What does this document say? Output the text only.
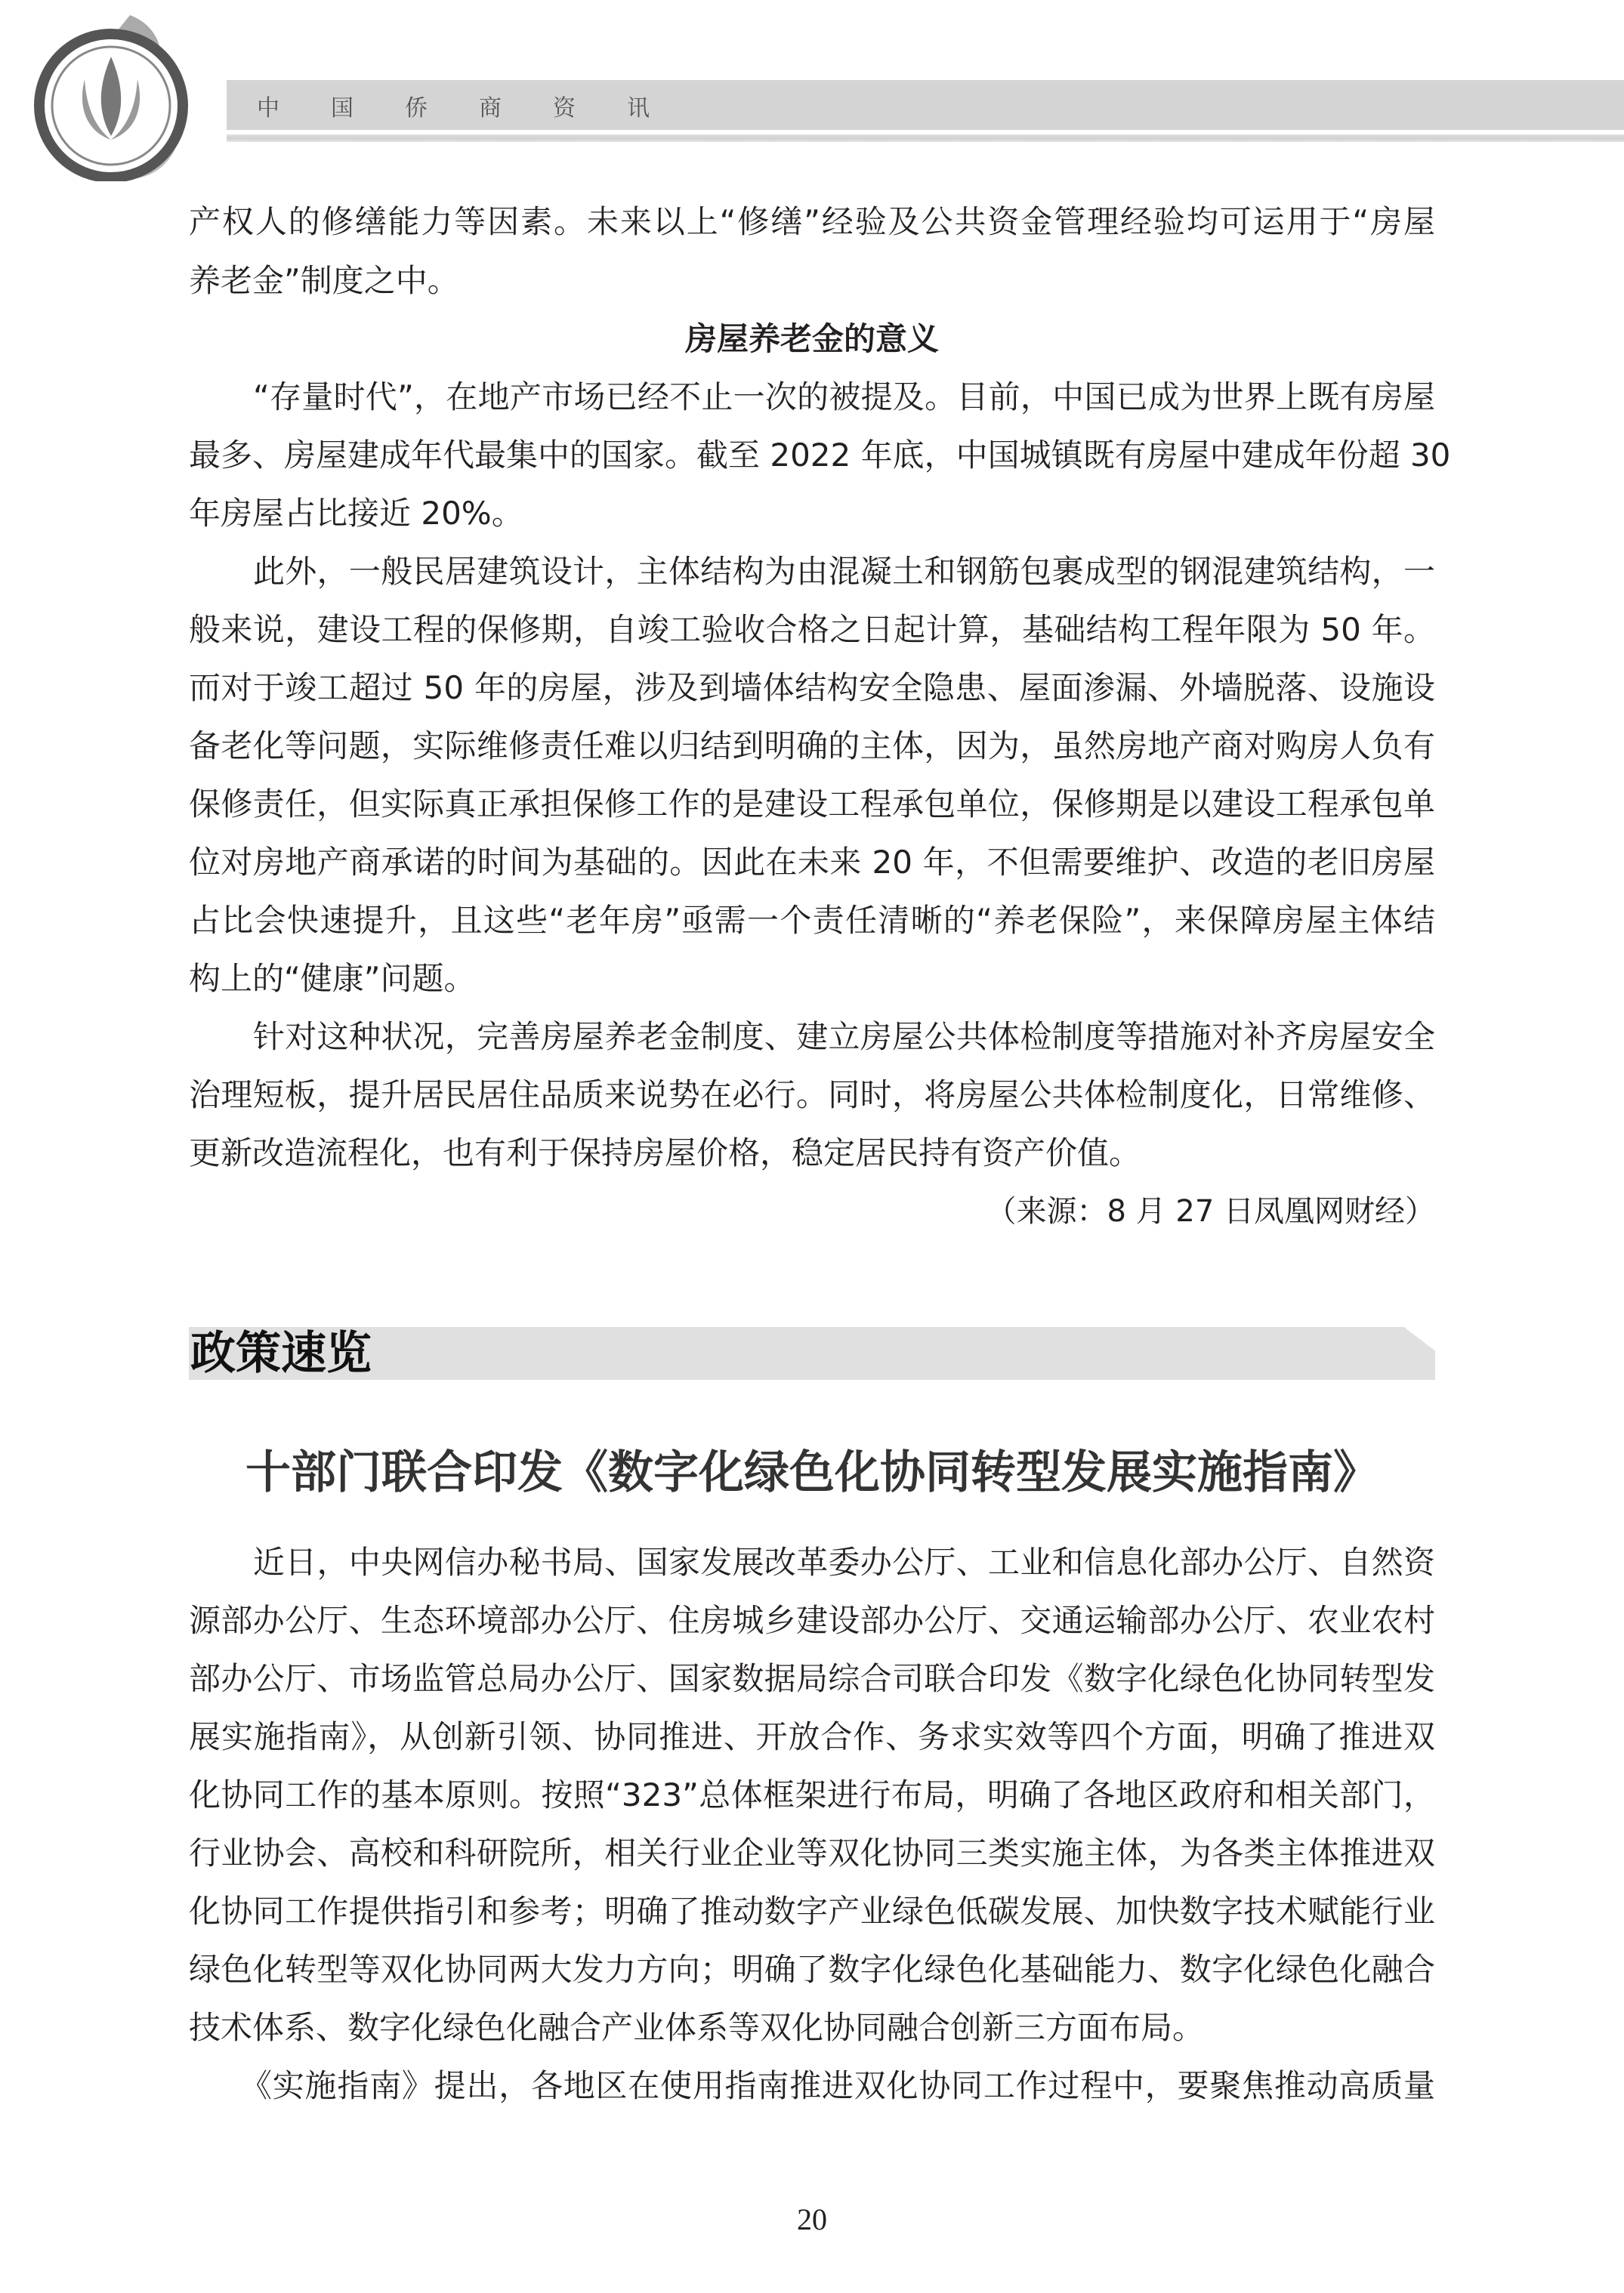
中国侨商资讯
产权人的修缮能力等因素。未来以上“修缮”经验及公共资金管理经验均可运用于“房屋
养老金”制度之中。
房屋养老金的意义
“存量时代”，在地产市场已经不止一次的被提及。目前，中国已成为世界上既有房屋
最多、房屋建成年代最集中的国家。截至 2022 年底，中国城镇既有房屋中建成年份超 30
年房屋占比接近 20%。
此外，一般民居建筑设计，主体结构为由混凝土和钢筋包裹成型的钢混建筑结构，一
般来说，建设工程的保修期，自竣工验收合格之日起计算，基础结构工程年限为 50 年。
而对于竣工超过 50 年的房屋，涉及到墙体结构安全隐患、屋面渗漏、外墙脱落、设施设
备老化等问题，实际维修责任难以归结到明确的主体，因为，虽然房地产商对购房人负有
保修责任，但实际真正承担保修工作的是建设工程承包单位，保修期是以建设工程承包单
位对房地产商承诺的时间为基础的。因此在未来 20 年，不但需要维护、改造的老旧房屋
占比会快速提升，且这些“老年房”亟需一个责任清晰的“养老保险”，来保障房屋主体结
构上的“健康”问题。
针对这种状况，完善房屋养老金制度、建立房屋公共体检制度等措施对补齐房屋安全
治理短板，提升居民居住品质来说势在必行。同时，将房屋公共体检制度化，日常维修、
更新改造流程化，也有利于保持房屋价格，稳定居民持有资产价值。
（来源：8 月 27 日凤凰网财经）
政策速览
十部门联合印发《数字化绿色化协同转型发展实施指南》
近日，中央网信办秘书局、国家发展改革委办公厅、工业和信息化部办公厅、自然资
源部办公厅、生态环境部办公厅、住房城乡建设部办公厅、交通运输部办公厅、农业农村
部办公厅、市场监管总局办公厅、国家数据局综合司联合印发《数字化绿色化协同转型发
展实施指南》，从创新引领、协同推进、开放合作、务求实效等四个方面，明确了推进双
化协同工作的基本原则。按照“323”总体框架进行布局，明确了各地区政府和相关部门，
行业协会、高校和科研院所，相关行业企业等双化协同三类实施主体，为各类主体推进双
化协同工作提供指引和参考；明确了推动数字产业绿色低碳发展、加快数字技术赋能行业
绿色化转型等双化协同两大发力方向；明确了数字化绿色化基础能力、数字化绿色化融合
技术体系、数字化绿色化融合产业体系等双化协同融合创新三方面布局。
《实施指南》提出，各地区在使用指南推进双化协同工作过程中，要聚焦推动高质量
20
